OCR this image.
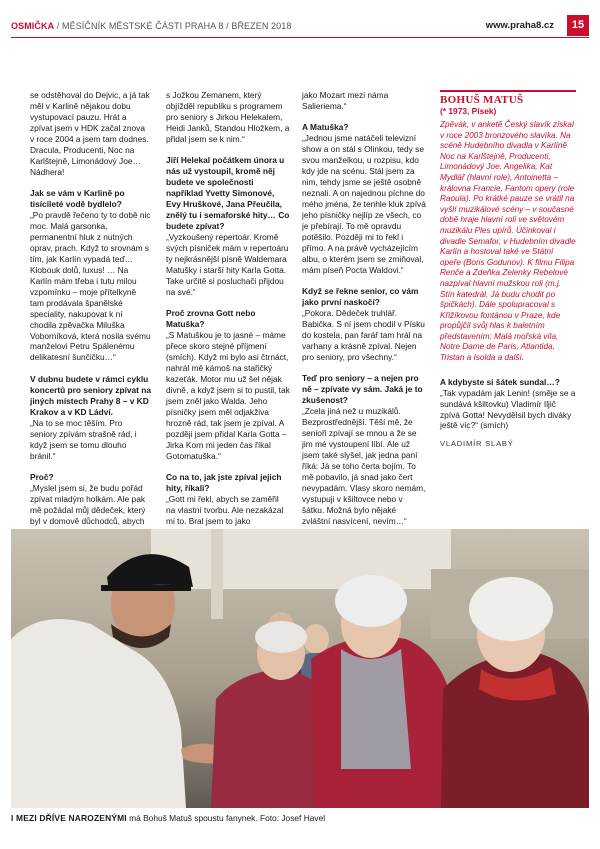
OSMIČKA / MĚSÍČNÍK MĚSTSKÉ ČÁSTI PRAHA 8 / BŘEZEN 2018	www.praha8.cz	15

se odstěhoval do Dejvic, a já tak měl v Karlině nějakou dobu vystupovací pauzu. Hrát a zpívat jsem v HDK začal znova v roce 2004 a jsem tam dodnes. Dracula, Producenti, Noc na Karlštejně, Limonádový Joe… Nádhera!

Jak se vám v Karlině po tisícileté vodě bydlelo?
„Po pravdě řečeno ty to době nic moc. Malá garsonka, permanentní hluk z nutných oprav, prach. Když to srovnám s tím, jak Karlín vypadá teď… Klobouk dolů, luxus! … Na Karlín mám třeba i tutu milou vzpomínku – moje přítelkyně tam prodávala španělské speciality, nakupovat k ní chodila zpěvačka Miluška Voborníková, která nosila svému manželovi Petru Spálenému delikatesní šunčičku…“

V dubnu budete v rámci cyklu koncertů pro seniory zpívat na jiných místech Prahy 8 – v KD Krakov a v KD Ládví.
„Na to se moc těším. Pro seniory zpívám strašně rád, i když jsem se tomu dlouho bránil.“

Proč?
„Myslel jsem si, že budu pořád zpívat mladým holkám. Ale pak mě požádal můj dědeček, který byl v domově důchodců, abych

s Jožkou Zemanem, který objížděl republiku s programem pro seniory s Jirkou Helekalem, Heidi Janků, Standou Hložkem, a přidal jsem se k nim.“

Jiří Helekal počátkem února u nás už vystoupil, kromě něj budete ve společnosti například Yvetty Simonové, Evy Hruškové, Jana Přeučila, znělý tu i semaforské hity… Co budete zpívat?
„Vyzkoušený repertoár. Kromě svých písniček mám v repertoáru ty nejkrásnější písně Waldemara Matušky i starší hity Karla Gotta. Take určitě si posluchači přijdou na své.“

Proč zrovna Gott nebo Matuška?
„S Matuškou je to jasné – máme přece skoro stejné příjmení (smích). Když mi bylo asi čtrnáct, nahrál mě kámoš na stařičký kazeťák. Motor mu už šel nějak divně, a když jsem si to pustil, tak jsem zněl jako Walda. Jeho písničky jsem měl odjakživa hrozně rád, tak jsem je zpíval. A později jsem přidal Karla Gotta – Jirka Korn mi jeden čas říkal Gotomatuška.“

Co na to, jak jste zpíval jejich hity, říkali?
„Gott mi řekl, abych se zaměřil na vlastní tvorbu. Ale nezakázal mi to. Bral jsem to jako

jako Mozart mezi náma Salieriema.“

A Matuška?
„Jednou jsme natáčeli televizní show a on stál s Olinkou, tedy se svou manželkou, u rozpisu, kdo kdy jde na scénu. Stál jsem za nim, tehdy jsme se ještě osobně neznali. A on najednou píchne do mého jména, že tenhle kluk zpívá jeho písničky nejlíp ze všech, co je přebírají. To mě opravdu potěšilo. Později mi to řekl i přímo. A na právě vycházejícím albu, o kterém jsem se zmiňoval, mám píseň Pocta Waldovi.“

Když se řekne senior, co vám jako první naskočí?
„Pokora. Dědeček truhlář. Babička. S ní jsem chodil v Písku do kostela, pan farář tam hrál na varhany a krásně zpíval. Nejen pro seniory, pro všechny.“

Teď pro seniory – a nejen pro ně – zpívate vy sám. Jaká je to zkušenost?
„Zcela jiná než u muzikálů. Bezprostřednější. Těší mě, že senioři zpívají se mnou a že se jim mé vystoupení líbí. Ale už jsem také slyšel, jak jedna paní říká: Já se toho čerta bojím. To mě pobavilo, já snad jako čert nevypadám. Vlasy skoro nemám, vystupuji v kšiltovce nebo v šátku. Možná bylo nějaké zvláštní nasvícení, nevím…“

BOHUŠ MATUŠ
(* 1973, Písek)
Zpěvák, v anketě Český slavík získal v roce 2003 bronzového slavíka. Na scéně Hudebního divadla v Karlíně Noc na Karlštejně, Producenti, Limonádový Joe, Angelika, Kat Mydlář (hlavní role), Antoinetta – královna Francie, Fantom opery (role Raoula). Po krátké pauze se vrátil na vyšlí muzikálové scény – v současné době hraje hlavní roli ve světovém muzikálu Ples upírů. Účinkoval i divadle Semafor, v Hudebním divadle Karlín a hostoval také ve Státní opeře (Boris Godunov). K filmu Filipa Renče a Zdeňka Zelenky Rebelové nazpíval hlavní mužskou roli (m.j. Stín katedrál, Já budu chodit po špičkách). Dále spolupracoval s Křižíkovou fontánou v Praze, kde propůjčil svůj hlas k baletním představením: Malá mořská víla, Notre Dame de Paris, Atlantida, Tristan a Isolda a další.
A kdybyste si šátek sundal…? „Tak vypadám jak Lenin! (směje se a sundává kšiltovku) Vladimír Iljič zpívá Gotta! Nevydělsil bych diváky ještě víc?“ (smích)
VLADIMÍR SLABÝ
I MEZI DŘÍVE NAROZENÝMI má Bohuš Matuš spoustu fanynek. Foto: Josef Havel
